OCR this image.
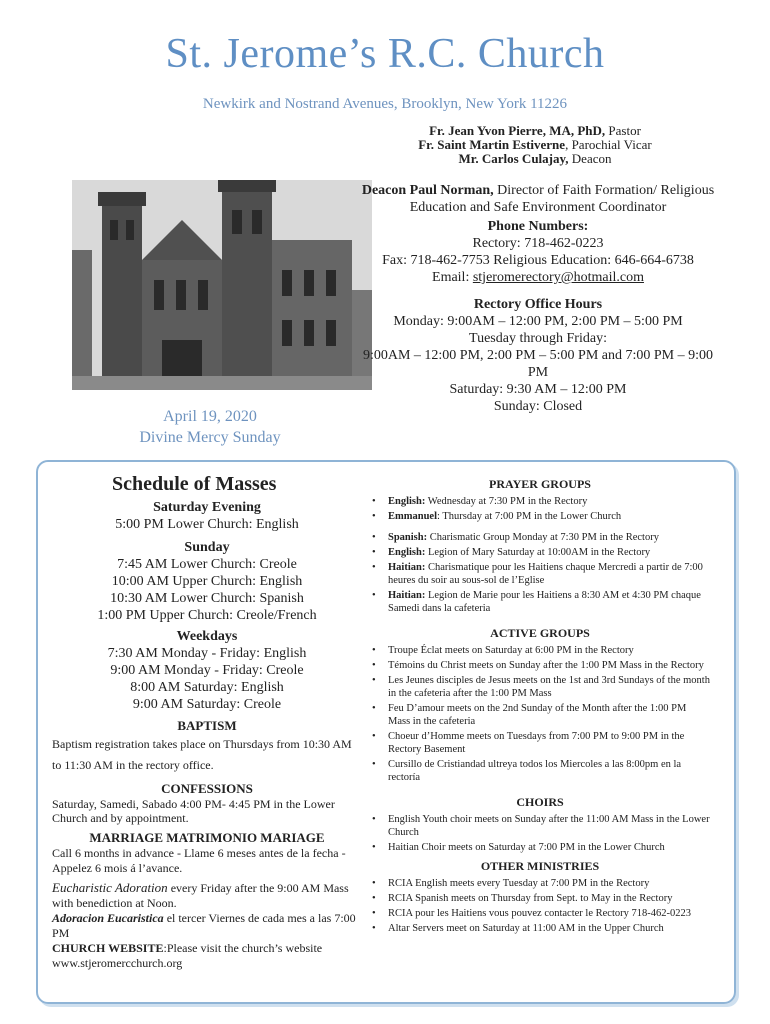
St. Jerome’s R.C. Church
Newkirk and Nostrand Avenues, Brooklyn, New York 11226
Fr. Jean Yvon Pierre, MA, PhD, Pastor
Fr. Saint Martin Estiverne, Parochial Vicar
Mr. Carlos Culajay, Deacon
Deacon Paul Norman, Director of Faith Formation/ Religious Education and Safe Environment Coordinator
Phone Numbers:
Rectory: 718-462-0223
Fax: 718-462-7753 Religious Education: 646-664-6738
Email: stjeromerectory@hotmail.com
Rectory Office Hours
Monday: 9:00AM – 12:00 PM, 2:00 PM – 5:00 PM
Tuesday through Friday:
9:00AM – 12:00 PM, 2:00 PM – 5:00 PM and 7:00 PM – 9:00 PM
Saturday: 9:30 AM – 12:00 PM
Sunday: Closed
April 19, 2020
Divine Mercy Sunday
Schedule of Masses
Saturday Evening
5:00 PM Lower Church: English
Sunday
7:45 AM Lower Church: Creole
10:00 AM Upper Church: English
10:30 AM Lower Church: Spanish
1:00 PM Upper Church: Creole/French
Weekdays
7:30 AM Monday - Friday: English
9:00 AM Monday - Friday: Creole
8:00 AM Saturday: English
9:00 AM Saturday: Creole
BAPTISM
Baptism registration takes place on Thursdays from 10:30 AM to 11:30 AM in the rectory office.
CONFESSIONS
Saturday, Samedi, Sabado 4:00 PM- 4:45 PM in the Lower Church and by appointment.
MARRIAGE MATRIMONIO MARIAGE
Call 6 months in advance - Llame 6 meses antes de la fecha - Appelez 6 mois á l’avance.
Eucharistic Adoration every Friday after the 9:00 AM Mass with benediction at Noon.
Adoracion Eucaristica el tercer Viernes de cada mes a las 7:00 PM
CHURCH WEBSITE:Please visit the church’s website www.stjeromercchurch.org
PRAYER GROUPS
• English: Wednesday at 7:30 PM in the Rectory
• Emmanuel: Thursday at 7:00 PM in the Lower Church
• Spanish: Charismatic Group Monday at 7:30 PM in the Rectory
• English: Legion of Mary Saturday at 10:00AM in the Rectory
• Haitian: Charismatique pour les Haitiens chaque Mercredi a partir de 7:00 heures du soir au sous-sol de l’Eglise
• Haitian: Legion de Marie pour les Haitiens a 8:30 AM et 4:30 PM chaque Samedi dans la cafeteria
ACTIVE GROUPS
• Troupe Éclat meets on Saturday at 6:00 PM in the Rectory
• Témoins du Christ meets on Sunday after the 1:00 PM Mass in the Rectory
• Les Jeunes disciples de Jesus meets on the 1st and 3rd Sundays of the month in the cafeteria after the 1:00 PM Mass
• Feu D’amour meets on the 2nd Sunday of the Month after the 1:00 PM Mass in the cafeteria
• Choeur d’Homme meets on Tuesdays from 7:00 PM to 9:00 PM in the Rectory Basement
• Cursillo de Cristiandad ultreya todos los Miercoles a las 8:00pm en la rectoría
CHOIRS
• English Youth choir meets on Sunday after the 11:00 AM Mass in the Lower Church
• Haitian Choir meets on Saturday at 7:00 PM in the Lower Church
OTHER MINISTRIES
• RCIA English meets every Tuesday at 7:00 PM in the Rectory
• RCIA Spanish meets on Thursday from Sept. to May in the Rectory
• RCIA pour les Haitiens vous pouvez contacter le Rectory 718-462-0223
• Altar Servers meet on Saturday at 11:00 AM in the Upper Church
